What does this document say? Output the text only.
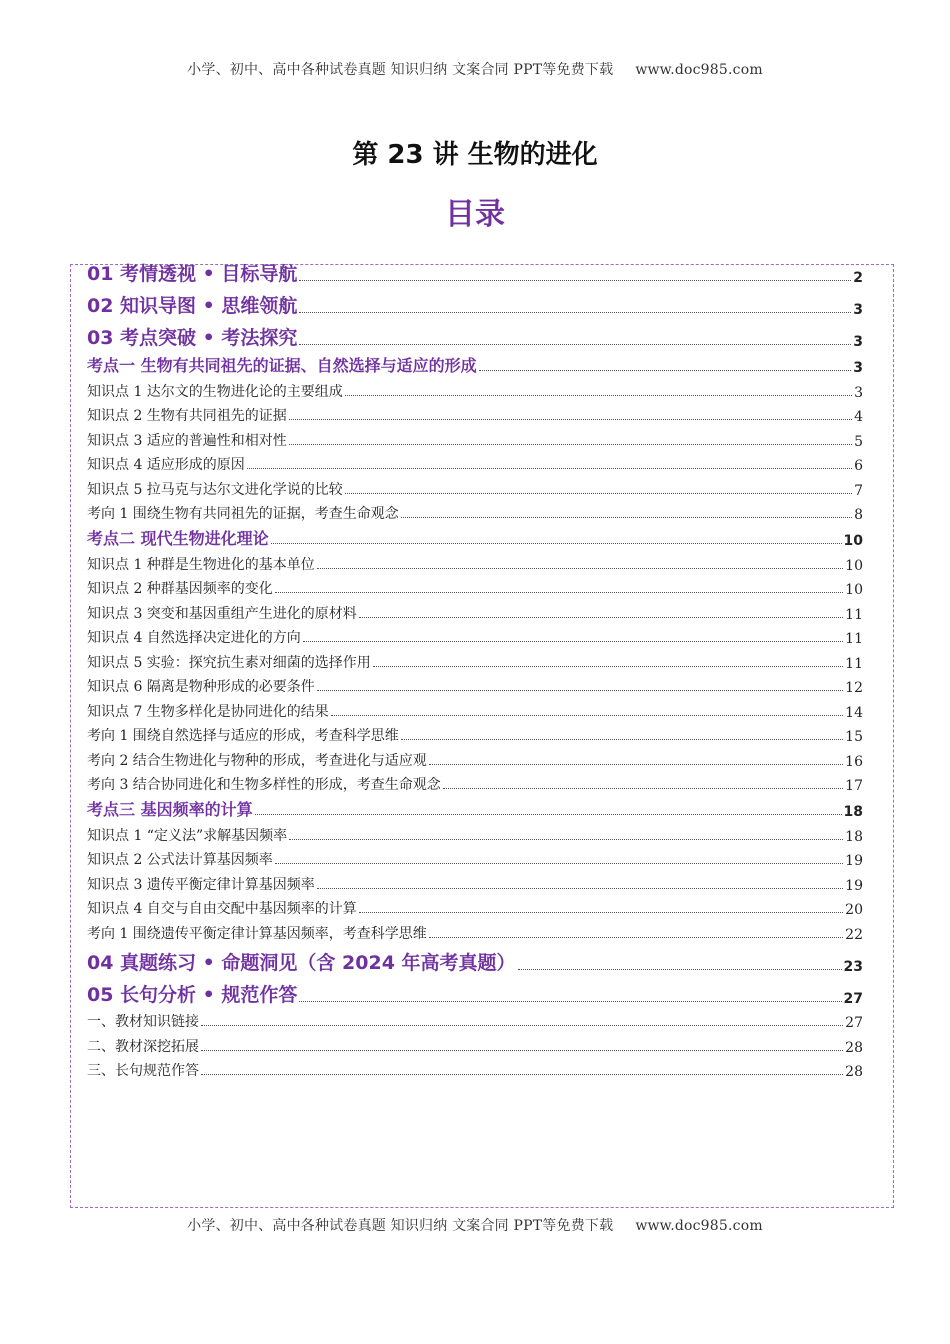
小学、初中、高中各种试卷真题 知识归纳 文案合同 PPT等免费下载 www.doc985.com
第 23 讲 生物的进化
目录
01 考情透视 • 目标导航	2
02 知识导图 • 思维领航	3
03 考点突破 • 考法探究	3
考点一 生物有共同祖先的证据、自然选择与适应的形成	3
知识点 1 达尔文的生物进化论的主要组成	3
知识点 2 生物有共同祖先的证据	4
知识点 3 适应的普遍性和相对性	5
知识点 4 适应形成的原因	6
知识点 5 拉马克与达尔文进化学说的比较	7
考向 1 围绕生物有共同祖先的证据，考查生命观念	8
考点二 现代生物进化理论	10
知识点 1 种群是生物进化的基本单位	10
知识点 2 种群基因频率的变化	10
知识点 3 突变和基因重组产生进化的原材料	11
知识点 4 自然选择决定进化的方向	11
知识点 5 实验：探究抗生素对细菌的选择作用	11
知识点 6 隔离是物种形成的必要条件	12
知识点 7 生物多样化是协同进化的结果	14
考向 1 围绕自然选择与适应的形成，考查科学思维	15
考向 2 结合生物进化与物种的形成，考查进化与适应观	16
考向 3 结合协同进化和生物多样性的形成，考查生命观念	17
考点三 基因频率的计算	18
知识点 1 “定义法”求解基因频率	18
知识点 2 公式法计算基因频率	19
知识点 3 遗传平衡定律计算基因频率	19
知识点 4 自交与自由交配中基因频率的计算	20
考向 1 围绕遗传平衡定律计算基因频率，考查科学思维	22
04 真题练习 • 命题洞见（含 2024 年高考真题）	23
05 长句分析 • 规范作答	27
一、教材知识链接	27
二、教材深挖拓展	28
三、长句规范作答	28
小学、初中、高中各种试卷真题 知识归纳 文案合同 PPT等免费下载 www.doc985.com
